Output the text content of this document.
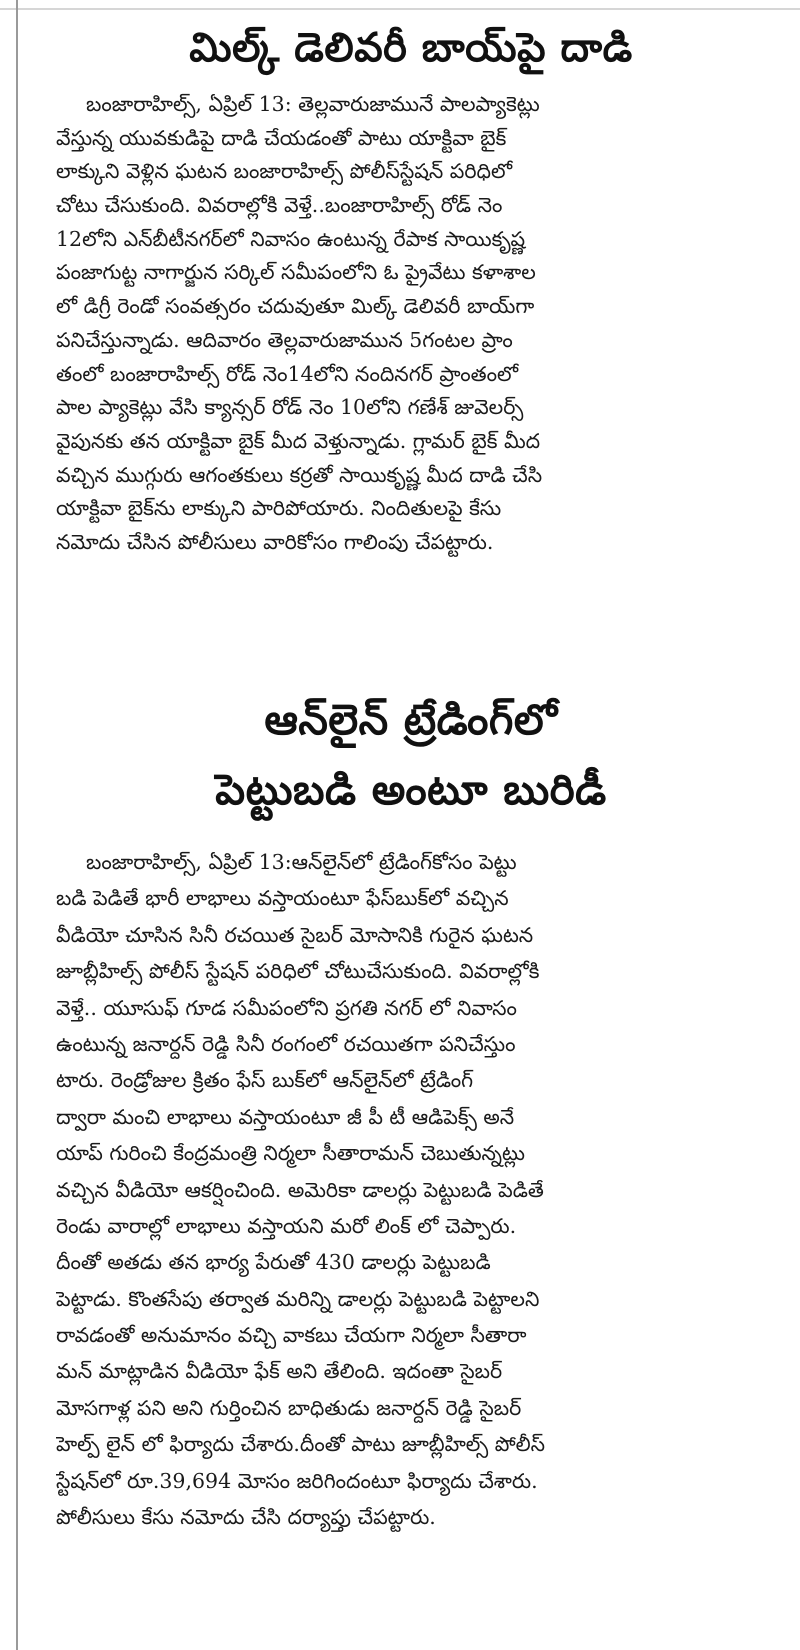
మిల్క్‌ డెలివరీ బాయ్‌పై దాడి
బంజారాహిల్స్‌, ఏప్రిల్‌ 13: తెల్లవారుజామునే పాలప్యాకెట్లు
వేస్తున్న యువకుడిపై దాడి చేయడంతో పాటు యాక్టివా బైక్‌
లాక్కుని వెళ్లిన ఘటన బంజారాహిల్స్‌ పోలీస్‌స్టేషన్‌ పరిధిలో
చోటు చేసుకుంది. వివరాల్లోకి వెళ్తే..బంజారాహిల్స్‌ రోడ్‌ నెం
12లోని ఎన్‌బీటీనగర్‌లో నివాసం ఉంటున్న రేపాక సాయికృష్ణ
పంజాగుట్ట నాగార్జున సర్కిల్‌ సమీపంలోని ఓ ప్రైవేటు కళాశాల
లో డిగ్రీ రెండో సంవత్సరం చదువుతూ మిల్క్‌ డెలివరీ బాయ్‌గా
పనిచేస్తున్నాడు. ఆదివారం తెల్లవారుజామున 5గంటల ప్రాం
తంలో బంజారాహిల్స్‌ రోడ్‌ నెం14లోని నందినగర్‌ ప్రాంతంలో
పాల ప్యాకెట్లు వేసి క్యాన్సర్‌ రోడ్‌ నెం 10లోని గణేశ్‌ జువెలర్స్‌
వైపునకు తన యాక్టివా బైక్‌ మీద వెళ్తున్నాడు. గ్లామర్‌ బైక్‌ మీద
వచ్చిన ముగ్గురు ఆగంతకులు కర్రతో సాయికృష్ణ మీద దాడి చేసి
యాక్టివా బైక్‌ను లాక్కుని పారిపోయారు. నిందితులపై కేసు
నమోదు చేసిన పోలీసులు వారికోసం గాలింపు చేపట్టారు.
ఆన్‌లైన్‌ ట్రేడింగ్‌లో
పెట్టుబడి అంటూ బురిడీ
బంజారాహిల్స్‌, ఏప్రిల్‌ 13:ఆన్‌లైన్‌లో ట్రేడింగ్‌కోసం పెట్టు
బడి పెడితే భారీ లాభాలు వస్తాయంటూ ఫేస్‌బుక్‌లో వచ్చిన
వీడియో చూసిన సినీ రచయిత సైబర్‌ మోసానికి గురైన ఘటన
జూబ్లీహిల్స్‌ పోలీస్‌ స్టేషన్‌ పరిధిలో చోటుచేసుకుంది. వివరాల్లోకి
వెళ్తే.. యూసుఫ్‌ గూడ సమీపంలోని ప్రగతి నగర్‌ లో నివాసం
ఉంటున్న జనార్దన్‌ రెడ్డి సినీ రంగంలో రచయితగా పనిచేస్తుం
టారు. రెండ్రోజుల క్రితం ఫేస్‌ బుక్‌లో ఆన్‌లైన్‌లో ట్రేడింగ్‌
ద్వారా మంచి లాభాలు వస్తాయంటూ జీ పీ టీ ఆడిపెక్స్‌ అనే
యాప్‌ గురించి కేంద్రమంత్రి నిర్మలా సీతారామన్‌ చెబుతున్నట్లు
వచ్చిన వీడియో ఆకర్షించింది. అమెరికా డాలర్లు పెట్టుబడి పెడితే
రెండు వారాల్లో లాభాలు వస్తాయని మరో లింక్‌ లో చెప్పారు.
దీంతో అతడు తన భార్య పేరుతో 430 డాలర్లు పెట్టుబడి
పెట్టాడు. కొంతసేపు తర్వాత మరిన్ని డాలర్లు పెట్టుబడి పెట్టాలని
రావడంతో అనుమానం వచ్చి వాకబు చేయగా నిర్మలా సీతారా
మన్‌ మాట్లాడిన వీడియో ఫేక్‌ అని తేలింది. ఇదంతా సైబర్‌
మోసగాళ్ల పని అని గుర్తించిన బాధితుడు జనార్దన్‌ రెడ్డి సైబర్‌
హెల్ప్‌ లైన్‌ లో ఫిర్యాదు చేశారు.దీంతో పాటు జూబ్లీహిల్స్‌ పోలీస్‌
స్టేషన్‌లో రూ.39,694 మోసం జరిగిందంటూ ఫిర్యాదు చేశారు.
పోలీసులు కేసు నమోదు చేసి దర్యాప్తు చేపట్టారు.
